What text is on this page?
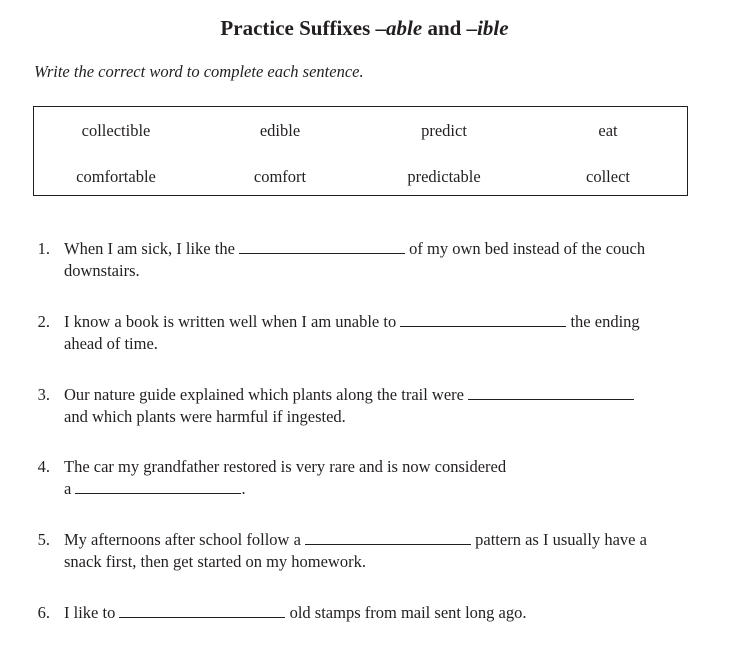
Practice Suffixes –able and –ible
Write the correct word to complete each sentence.
collectible	edible	predict	eat
comfortable	comfort	predictable	collect
1. When I am sick, I like the	of my own bed instead of the couch
downstairs.
2. I know a book is written well when I am unable to	the ending
ahead of time.
3. Our nature guide explained which plants along the trail were
and which plants were harmful if ingested.
4. The car my grandfather restored is very rare and is now considered
a	.
5. My afternoons after school follow a	pattern as I usually have a
snack first, then get started on my homework.
6. I like to	old stamps from mail sent long ago.
